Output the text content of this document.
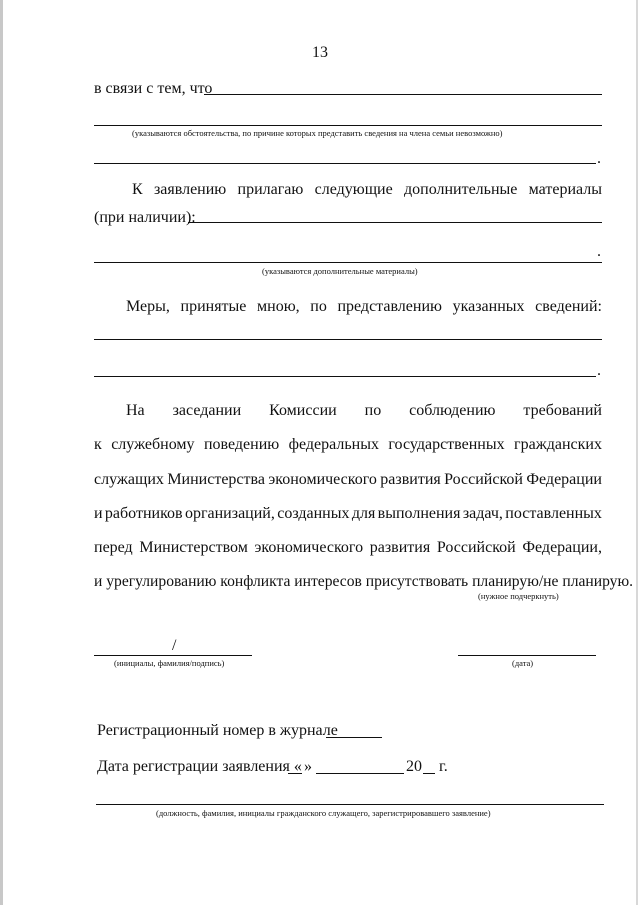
13
в связи с тем, что
(указываются обстоятельства, по причине которых представить сведения на члена семьи невозможно)
.
К заявлению прилагаю следующие дополнительные материалы
(при наличии):
.
(указываются дополнительные материалы)
Меры, принятые мною, по представлению указанных сведений:
.
На заседании Комиссии по соблюдению требований
к служебному поведению федеральных государственных гражданских
служащих Министерства экономического развития Российской Федерации
и работников организаций, созданных для выполнения задач, поставленных
перед Министерством экономического развития Российской Федерации,
и урегулированию конфликта интересов присутствовать планирую/не планирую.
(нужное подчеркнуть)
/
(инициалы, фамилия/подпись)	(дата)
Регистрационный номер в журнале
Дата регистрации заявления « »	20 г.
(должность, фамилия, инициалы гражданского служащего, зарегистрировавшего заявление)
